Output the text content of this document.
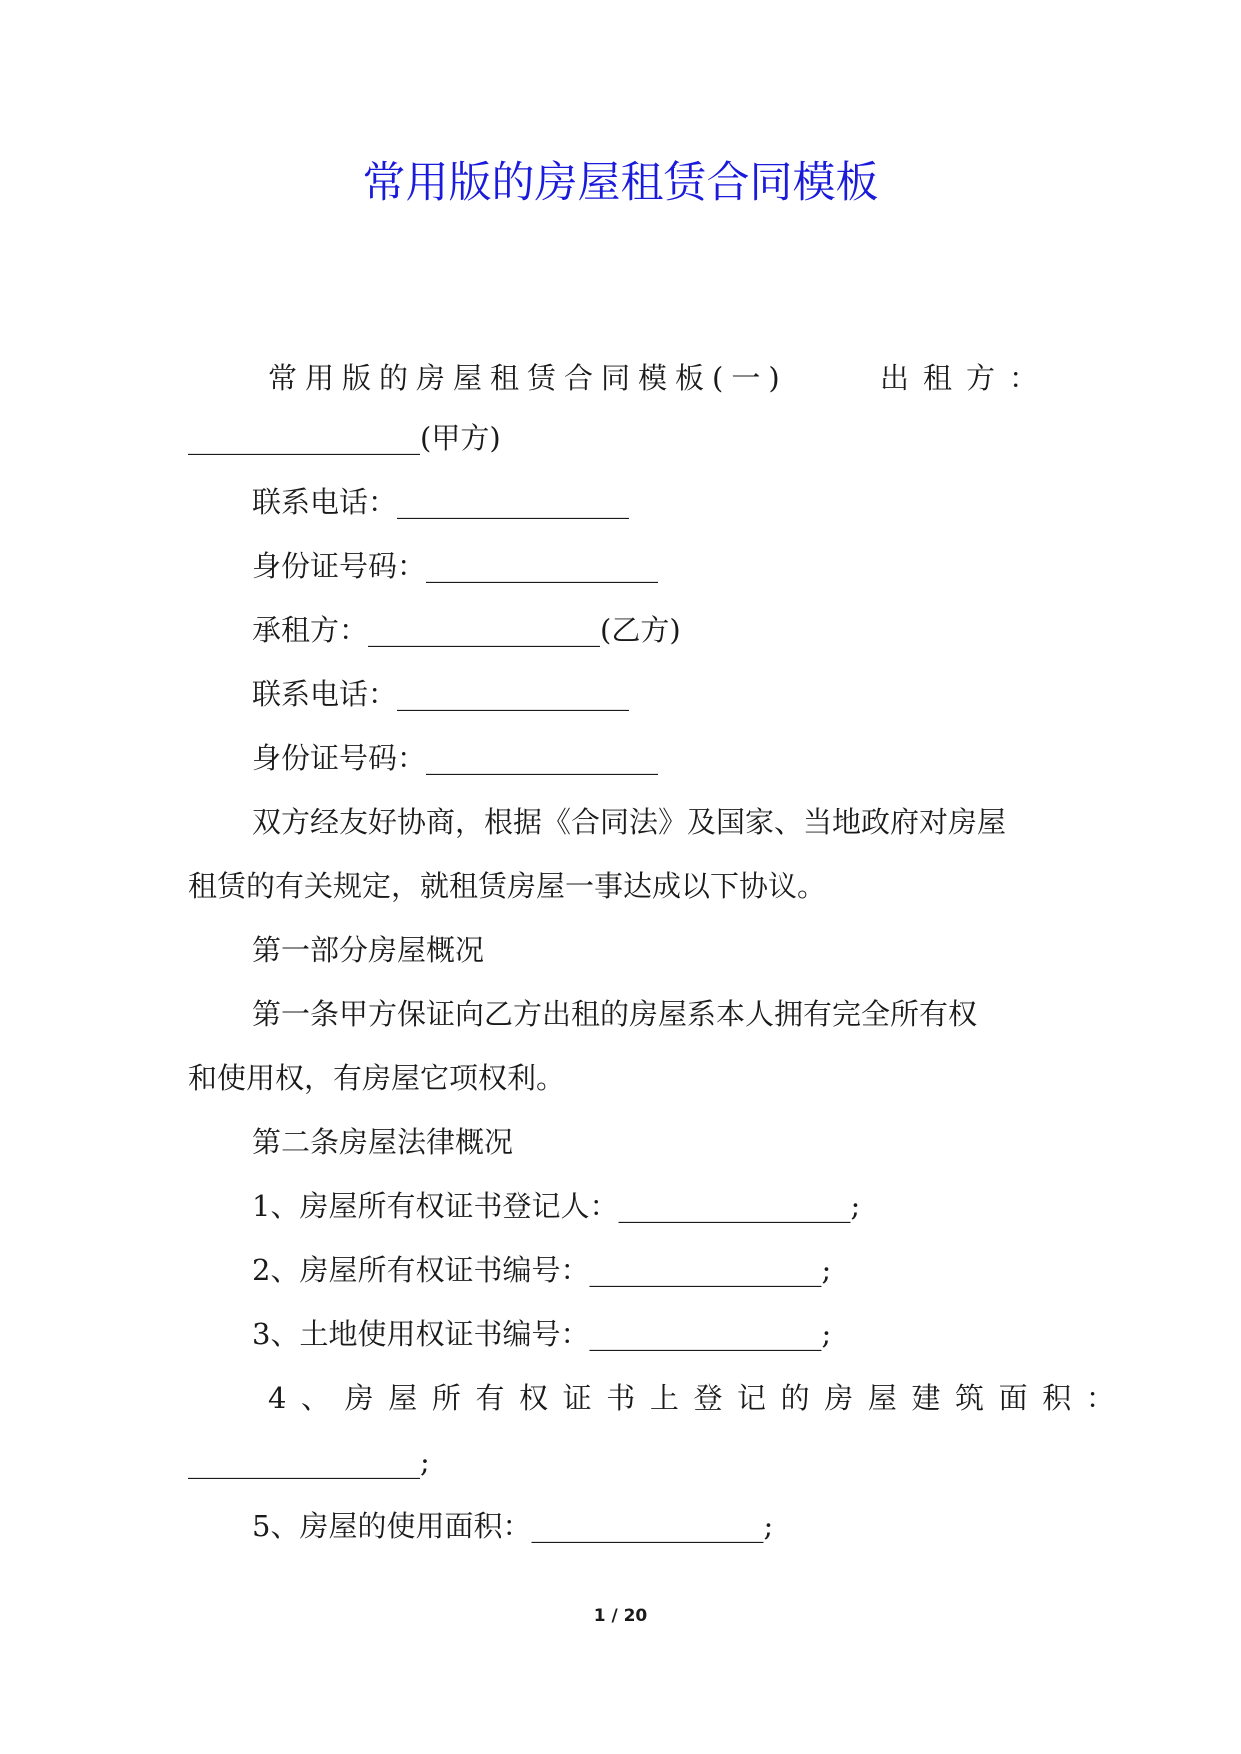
常用版的房屋租赁合同模板
常用版的房屋租赁合同模板(一)	出租方：

________________(甲方)

联系电话：________________

身份证号码：________________

承租方：________________(乙方)

联系电话：________________

身份证号码：________________

双方经友好协商，根据《合同法》及国家、当地政府对房屋

租赁的有关规定，就租赁房屋一事达成以下协议。

第一部分房屋概况

第一条甲方保证向乙方出租的房屋系本人拥有完全所有权

和使用权，有房屋它项权利。

第二条房屋法律概况

1、房屋所有权证书登记人：________________;

2、房屋所有权证书编号：________________;

3、土地使用权证书编号：________________;

4、房屋所有权证书上登记的房屋建筑面积：

________________;

5、房屋的使用面积：________________;

1 / 20
